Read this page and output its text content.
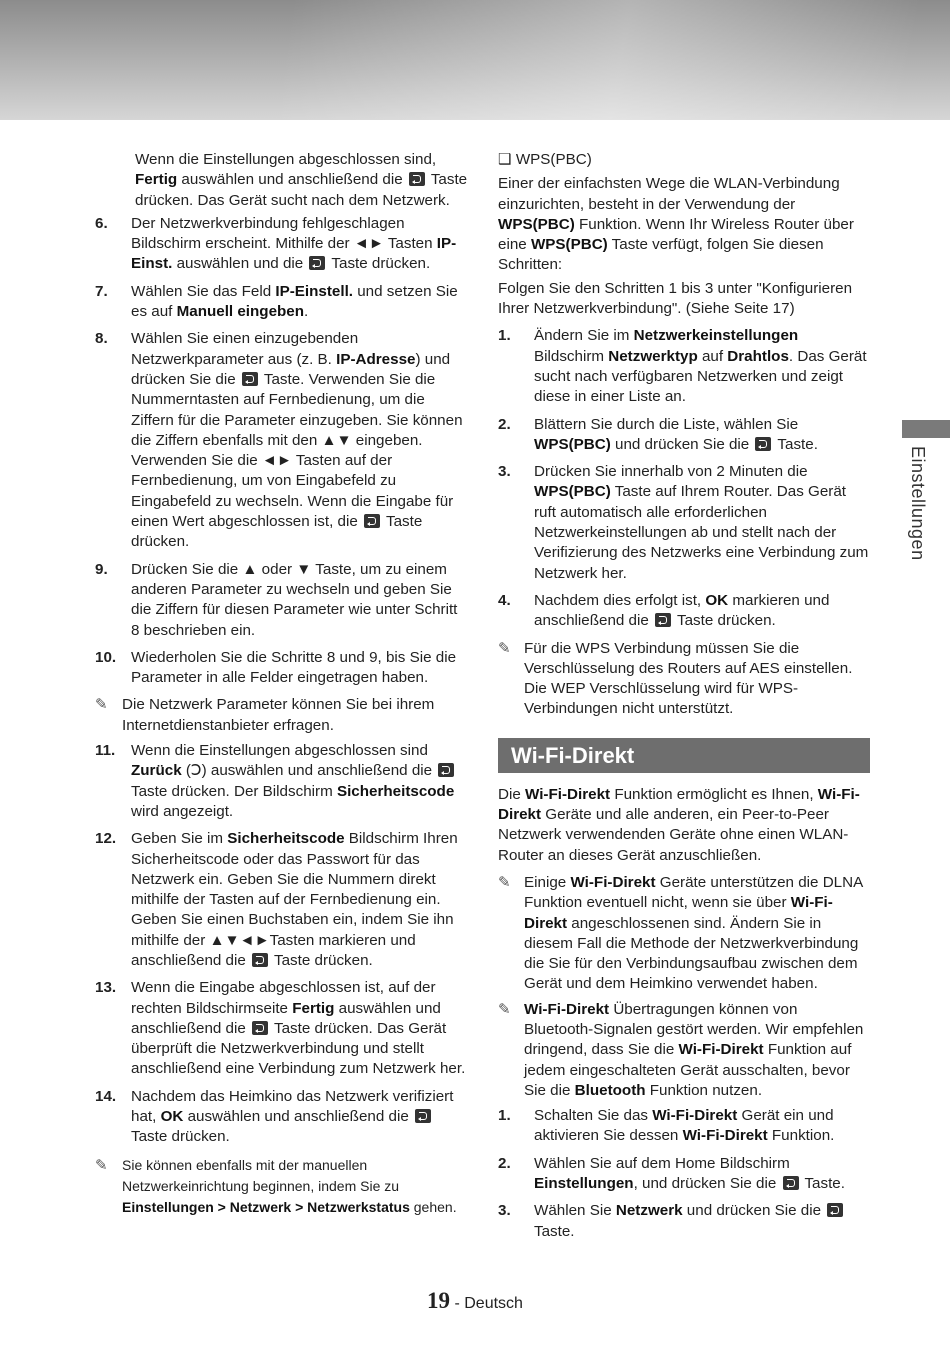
Wenn die Einstellungen abgeschlossen sind, Fertig auswählen und anschließend die  Taste drücken. Das Gerät sucht nach dem Netzwerk.

6. Der Netzwerkverbindung fehlgeschlagen Bildschirm erscheint. Mithilfe der ◄► Tasten IP-Einst. auswählen und die  Taste drücken.
7. Wählen Sie das Feld IP-Einstell. und setzen Sie es auf Manuell eingeben.
8. Wählen Sie einen einzugebenden Netzwerkparameter aus (z. B. IP-Adresse) und drücken Sie die  Taste. Verwenden Sie die Nummerntasten auf Fernbedienung, um die Ziffern für die Parameter einzugeben. Sie können die Ziffern ebenfalls mit den ▲▼ eingeben. Verwenden Sie die ◄► Tasten auf der Fernbedienung, um von Eingabefeld zu Eingabefeld zu wechseln. Wenn die Eingabe für einen Wert abgeschlossen ist, die  Taste drücken.
9. Drücken Sie die ▲ oder ▼ Taste, um zu einem anderen Parameter zu wechseln und geben Sie die Ziffern für diesen Parameter wie unter Schritt 8 beschrieben ein.
10. Wiederholen Sie die Schritte 8 und 9, bis Sie die Parameter in alle Felder eingetragen haben.
✎ Die Netzwerk Parameter können Sie bei ihrem Internetdienstanbieter erfragen.
11. Wenn die Einstellungen abgeschlossen sind Zurück (Ↄ) auswählen und anschließend die  Taste drücken. Der Bildschirm Sicherheitscode wird angezeigt.
12. Geben Sie im Sicherheitscode Bildschirm Ihren Sicherheitscode oder das Passwort für das Netzwerk ein. Geben Sie die Nummern direkt mithilfe der Tasten auf der Fernbedienung ein. Geben Sie einen Buchstaben ein, indem Sie ihn mithilfe der ▲▼◄►Tasten markieren und anschließend die  Taste drücken.
13. Wenn die Eingabe abgeschlossen ist, auf der rechten Bildschirmseite Fertig auswählen und anschließend die  Taste drücken. Das Gerät überprüft die Netzwerkverbindung und stellt anschließend eine Verbindung zum Netzwerk her.
14. Nachdem das Heimkino das Netzwerk verifiziert hat, OK auswählen und anschließend die  Taste drücken.
✎ Sie können ebenfalls mit der manuellen Netzwerkeinrichtung beginnen, indem Sie zu Einstellungen > Netzwerk > Netzwerkstatus gehen.
❑ WPS(PBC)

Einer der einfachsten Wege die WLAN-Verbindung einzurichten, besteht in der Verwendung der WPS(PBC) Funktion. Wenn Ihr Wireless Router über eine WPS(PBC) Taste verfügt, folgen Sie diesen Schritten:

Folgen Sie den Schritten 1 bis 3 unter "Konfigurieren Ihrer Netzwerkverbindung". (Siehe Seite 17)

1. Ändern Sie im Netzwerkeinstellungen Bildschirm Netzwerktyp auf Drahtlos. Das Gerät sucht nach verfügbaren Netzwerken und zeigt diese in einer Liste an.
2. Blättern Sie durch die Liste, wählen Sie WPS(PBC) und drücken Sie die  Taste.
3. Drücken Sie innerhalb von 2 Minuten die WPS(PBC) Taste auf Ihrem Router. Das Gerät ruft automatisch alle erforderlichen Netzwerkeinstellungen ab und stellt nach der Verifizierung des Netzwerks eine Verbindung zum Netzwerk her.
4. Nachdem dies erfolgt ist, OK markieren und anschließend die  Taste drücken.
✎ Für die WPS Verbindung müssen Sie die Verschlüsselung des Routers auf AES einstellen. Die WEP Verschlüsselung wird für WPS-Verbindungen nicht unterstützt.
Wi-Fi-Direkt

Die Wi-Fi-Direkt Funktion ermöglicht es Ihnen, Wi-Fi-Direkt Geräte und alle anderen, ein Peer-to-Peer Netzwerk verwendenden Geräte ohne einen WLAN-Router an dieses Gerät anzuschließen.

✎ Einige Wi-Fi-Direkt Geräte unterstützen die DLNA Funktion eventuell nicht, wenn sie über Wi-Fi-Direkt angeschlossenen sind. Ändern Sie in diesem Fall die Methode der Netzwerkverbindung die Sie für den Verbindungsaufbau zwischen dem Gerät und dem Heimkino verwendet haben.
✎ Wi-Fi-Direkt Übertragungen können von Bluetooth-Signalen gestört werden. Wir empfehlen dringend, dass Sie die Wi-Fi-Direkt Funktion auf jedem eingeschalteten Gerät ausschalten, bevor Sie die Bluetooth Funktion nutzen.
1. Schalten Sie das Wi-Fi-Direkt Gerät ein und aktivieren Sie dessen Wi-Fi-Direkt Funktion.
2. Wählen Sie auf dem Home Bildschirm Einstellungen, und drücken Sie die  Taste.
3. Wählen Sie Netzwerk und drücken Sie die  Taste.
Einstellungen
19 - Deutsch
